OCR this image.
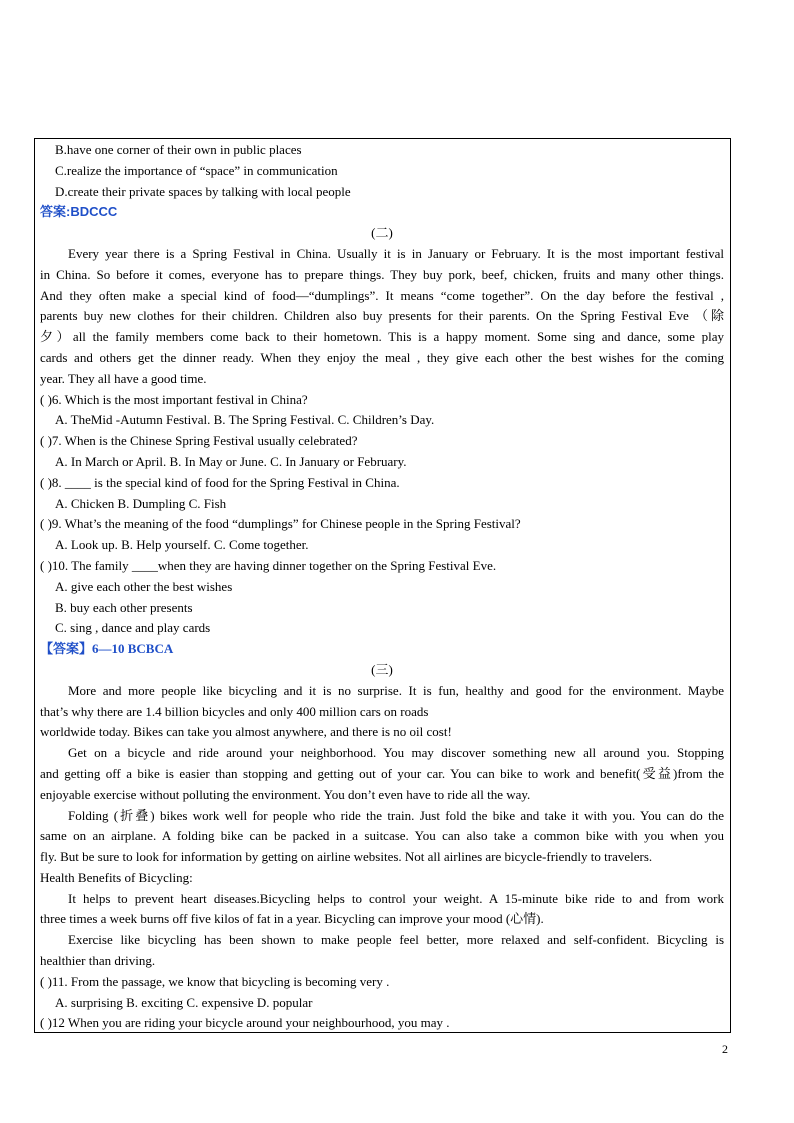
B.have one corner of their own in public places
C.realize the importance of “space” in communication
D.create their private spaces by talking with local people
答案:BDCCC
(二)
Every year there is a Spring Festival in China. Usually it is in January or February. It is the most important festival
in China. So before it comes, everyone has to prepare things. They buy pork, beef, chicken, fruits and many other things.
And they often make a special kind of food—“dumplings”. It means “come together”. On the day before the festival ,
parents buy new clothes for their children. Children also buy presents for their parents. On the Spring Festival Eve （除
夕）all the family members come back to their hometown. This is a happy moment. Some sing and dance, some play
cards and others get the dinner ready. When they enjoy the meal , they give each other the best wishes for the coming
year. They all have a good time.
( )6. Which is the most important festival in China?
A. TheMid -Autumn Festival. B. The Spring Festival. C. Children’s Day.
( )7. When is the Chinese Spring Festival usually celebrated?
A. In March or April. B. In May or June. C. In January or February.
( )8. ____ is the special kind of food for the Spring Festival in China.
A. Chicken B. Dumpling C. Fish
( )9. What’s the meaning of the food “dumplings” for Chinese people in the Spring Festival?
A. Look up. B. Help yourself. C. Come together.
( )10. The family ____when they are having dinner together on the Spring Festival Eve.
A. give each other the best wishes
B. buy each other presents
C. sing , dance and play cards
【答案】6—10 BCBCA
(三)
More and more people like bicycling and it is no surprise. It is fun, healthy and good for the environment. Maybe
that’s why there are 1.4 billion bicycles and only 400 million cars on roads
worldwide today. Bikes can take you almost anywhere, and there is no oil cost!
Get on a bicycle and ride around your neighborhood. You may discover something new all around you. Stopping
and getting off a bike is easier than stopping and getting out of your car. You can bike to work and benefit(受益)from the
enjoyable exercise without polluting the environment. You don’t even have to ride all the way.
Folding (折叠) bikes work well for people who ride the train. Just fold the bike and take it with you. You can do the
same on an airplane. A folding bike can be packed in a suitcase. You can also take a common bike with you when you
fly. But be sure to look for information by getting on airline websites. Not all airlines are bicycle-friendly to travelers.
Health Benefits of Bicycling:
It helps to prevent heart diseases.Bicycling helps to control your weight. A 15-minute bike ride to and from work
three times a week burns off five kilos of fat in a year. Bicycling can improve your mood (心情).
Exercise like bicycling has been shown to make people feel better, more relaxed and self-confident. Bicycling is
healthier than driving.
( )11. From the passage, we know that bicycling is becoming very .
A. surprising B. exciting C. expensive D. popular
( )12 When you are riding your bicycle around your neighbourhood, you may .
2
